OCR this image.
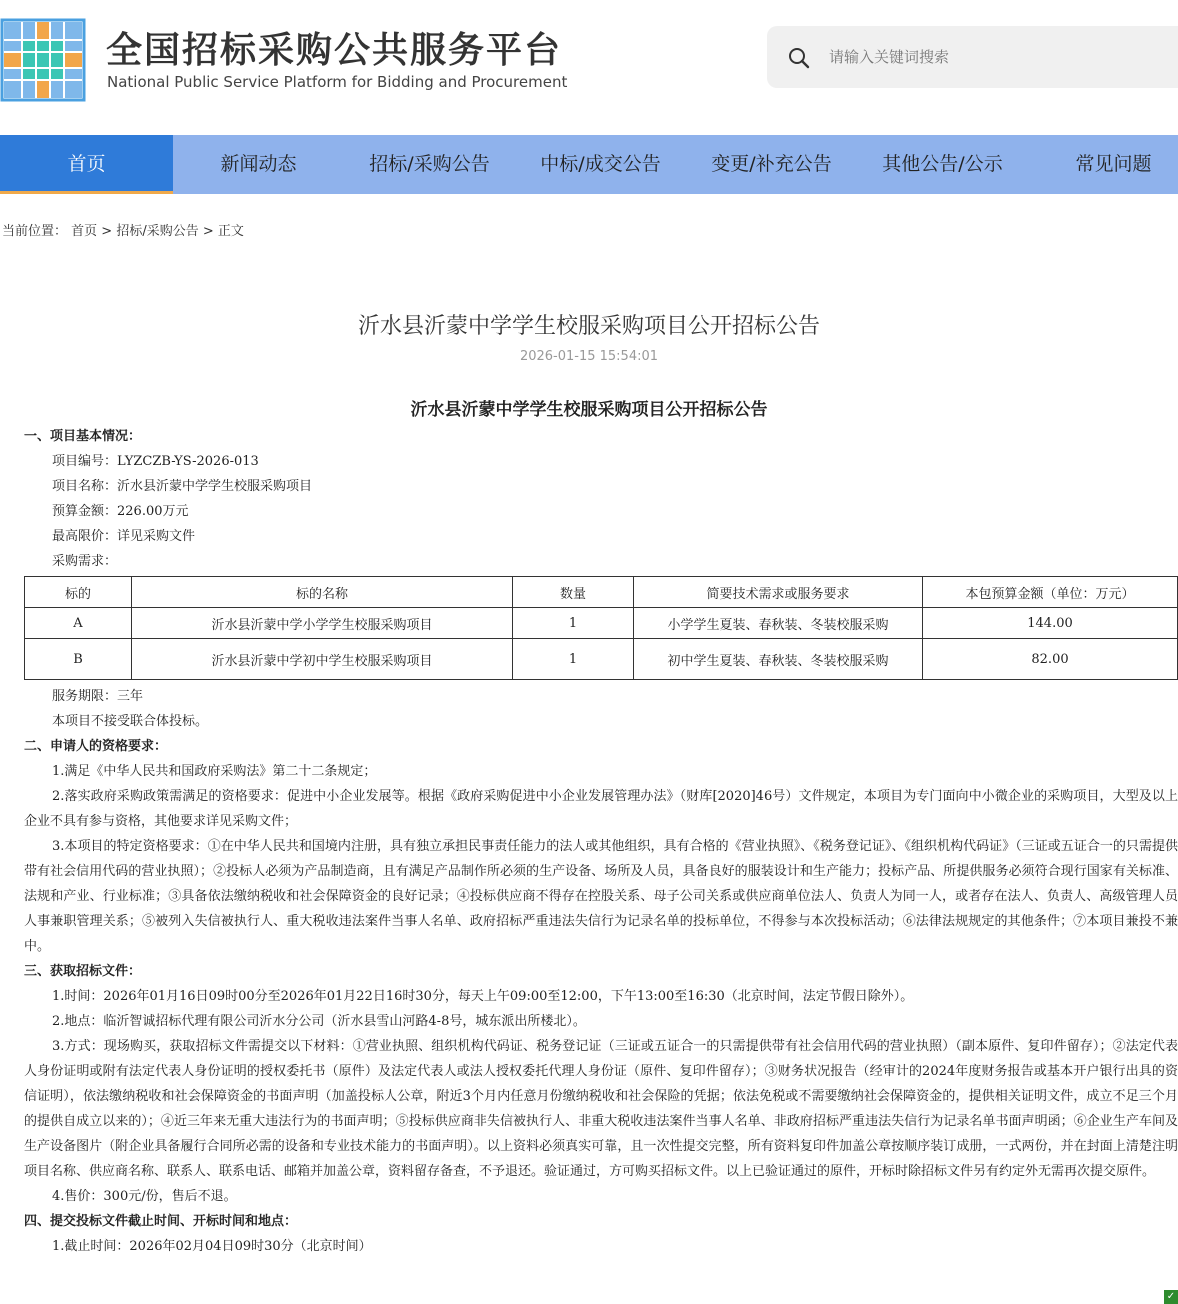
全国招标采购公共服务平台
National Public Service Platform for Bidding and Procurement
请输入关键词搜索
首页	新闻动态	招标/采购公告	中标/成交公告	变更/补充公告	其他公告/公示	常见问题
当前位置： 首页 > 招标/采购公告 > 正文
沂水县沂蒙中学学生校服采购项目公开招标公告
2026-01-15 15:54:01
沂水县沂蒙中学学生校服采购项目公开招标公告
一、项目基本情况：
项目编号：LYZCZB-YS-2026-013
项目名称：沂水县沂蒙中学学生校服采购项目
预算金额：226.00万元
最高限价：详见采购文件
采购需求：
标的	标的名称	数量	简要技术需求或服务要求	本包预算金额（单位：万元）
A	沂水县沂蒙中学小学学生校服采购项目	1	小学学生夏装、春秋装、冬装校服采购	144.00
B	沂水县沂蒙中学初中学生校服采购项目	1	初中学生夏装、春秋装、冬装校服采购	82.00
服务期限：三年
本项目不接受联合体投标。
二、申请人的资格要求：
1.满足《中华人民共和国政府采购法》第二十二条规定；
2.落实政府采购政策需满足的资格要求：促进中小企业发展等。根据《政府采购促进中小企业发展管理办法》（财库[2020]46号）文件规定，本项目为专门面向中小微企业的采购项目，大型及以上企业不具有参与资格，其他要求详见采购文件；
3.本项目的特定资格要求：①在中华人民共和国境内注册，具有独立承担民事责任能力的法人或其他组织，具有合格的《营业执照》、《税务登记证》、《组织机构代码证》（三证或五证合一的只需提供带有社会信用代码的营业执照）；②投标人必须为产品制造商，且有满足产品制作所必须的生产设备、场所及人员，具备良好的服装设计和生产能力；投标产品、所提供服务必须符合现行国家有关标准、法规和产业、行业标准；③具备依法缴纳税收和社会保障资金的良好记录；④投标供应商不得存在控股关系、母子公司关系或供应商单位法人、负责人为同一人，或者存在法人、负责人、高级管理人员人事兼职管理关系；⑤被列入失信被执行人、重大税收违法案件当事人名单、政府招标严重违法失信行为记录名单的投标单位，不得参与本次投标活动；⑥法律法规规定的其他条件；⑦本项目兼投不兼中。
三、获取招标文件：
1.时间：2026年01月16日09时00分至2026年01月22日16时30分，每天上午09:00至12:00，下午13:00至16:30（北京时间，法定节假日除外）。
2.地点：临沂智诚招标代理有限公司沂水分公司（沂水县雪山河路4-8号，城东派出所楼北）。
3.方式：现场购买，获取招标文件需提交以下材料：①营业执照、组织机构代码证、税务登记证（三证或五证合一的只需提供带有社会信用代码的营业执照）（副本原件、复印件留存）；②法定代表人身份证明或附有法定代表人身份证明的授权委托书（原件）及法定代表人或法人授权委托代理人身份证（原件、复印件留存）；③财务状况报告（经审计的2024年度财务报告或基本开户银行出具的资信证明），依法缴纳税收和社会保障资金的书面声明（加盖投标人公章，附近3个月内任意月份缴纳税收和社会保险的凭据；依法免税或不需要缴纳社会保障资金的，提供相关证明文件，成立不足三个月的提供自成立以来的）；④近三年来无重大违法行为的书面声明；⑤投标供应商非失信被执行人、非重大税收违法案件当事人名单、非政府招标严重违法失信行为记录名单书面声明函；⑥企业生产车间及生产设备图片（附企业具备履行合同所必需的设备和专业技术能力的书面声明）。以上资料必须真实可靠，且一次性提交完整，所有资料复印件加盖公章按顺序装订成册，一式两份，并在封面上清楚注明项目名称、供应商名称、联系人、联系电话、邮箱并加盖公章，资料留存备查，不予退还。验证通过，方可购买招标文件。以上已验证通过的原件，开标时除招标文件另有约定外无需再次提交原件。
4.售价：300元/份，售后不退。
四、提交投标文件截止时间、开标时间和地点：
1.截止时间：2026年02月04日09时30分（北京时间）
✓
